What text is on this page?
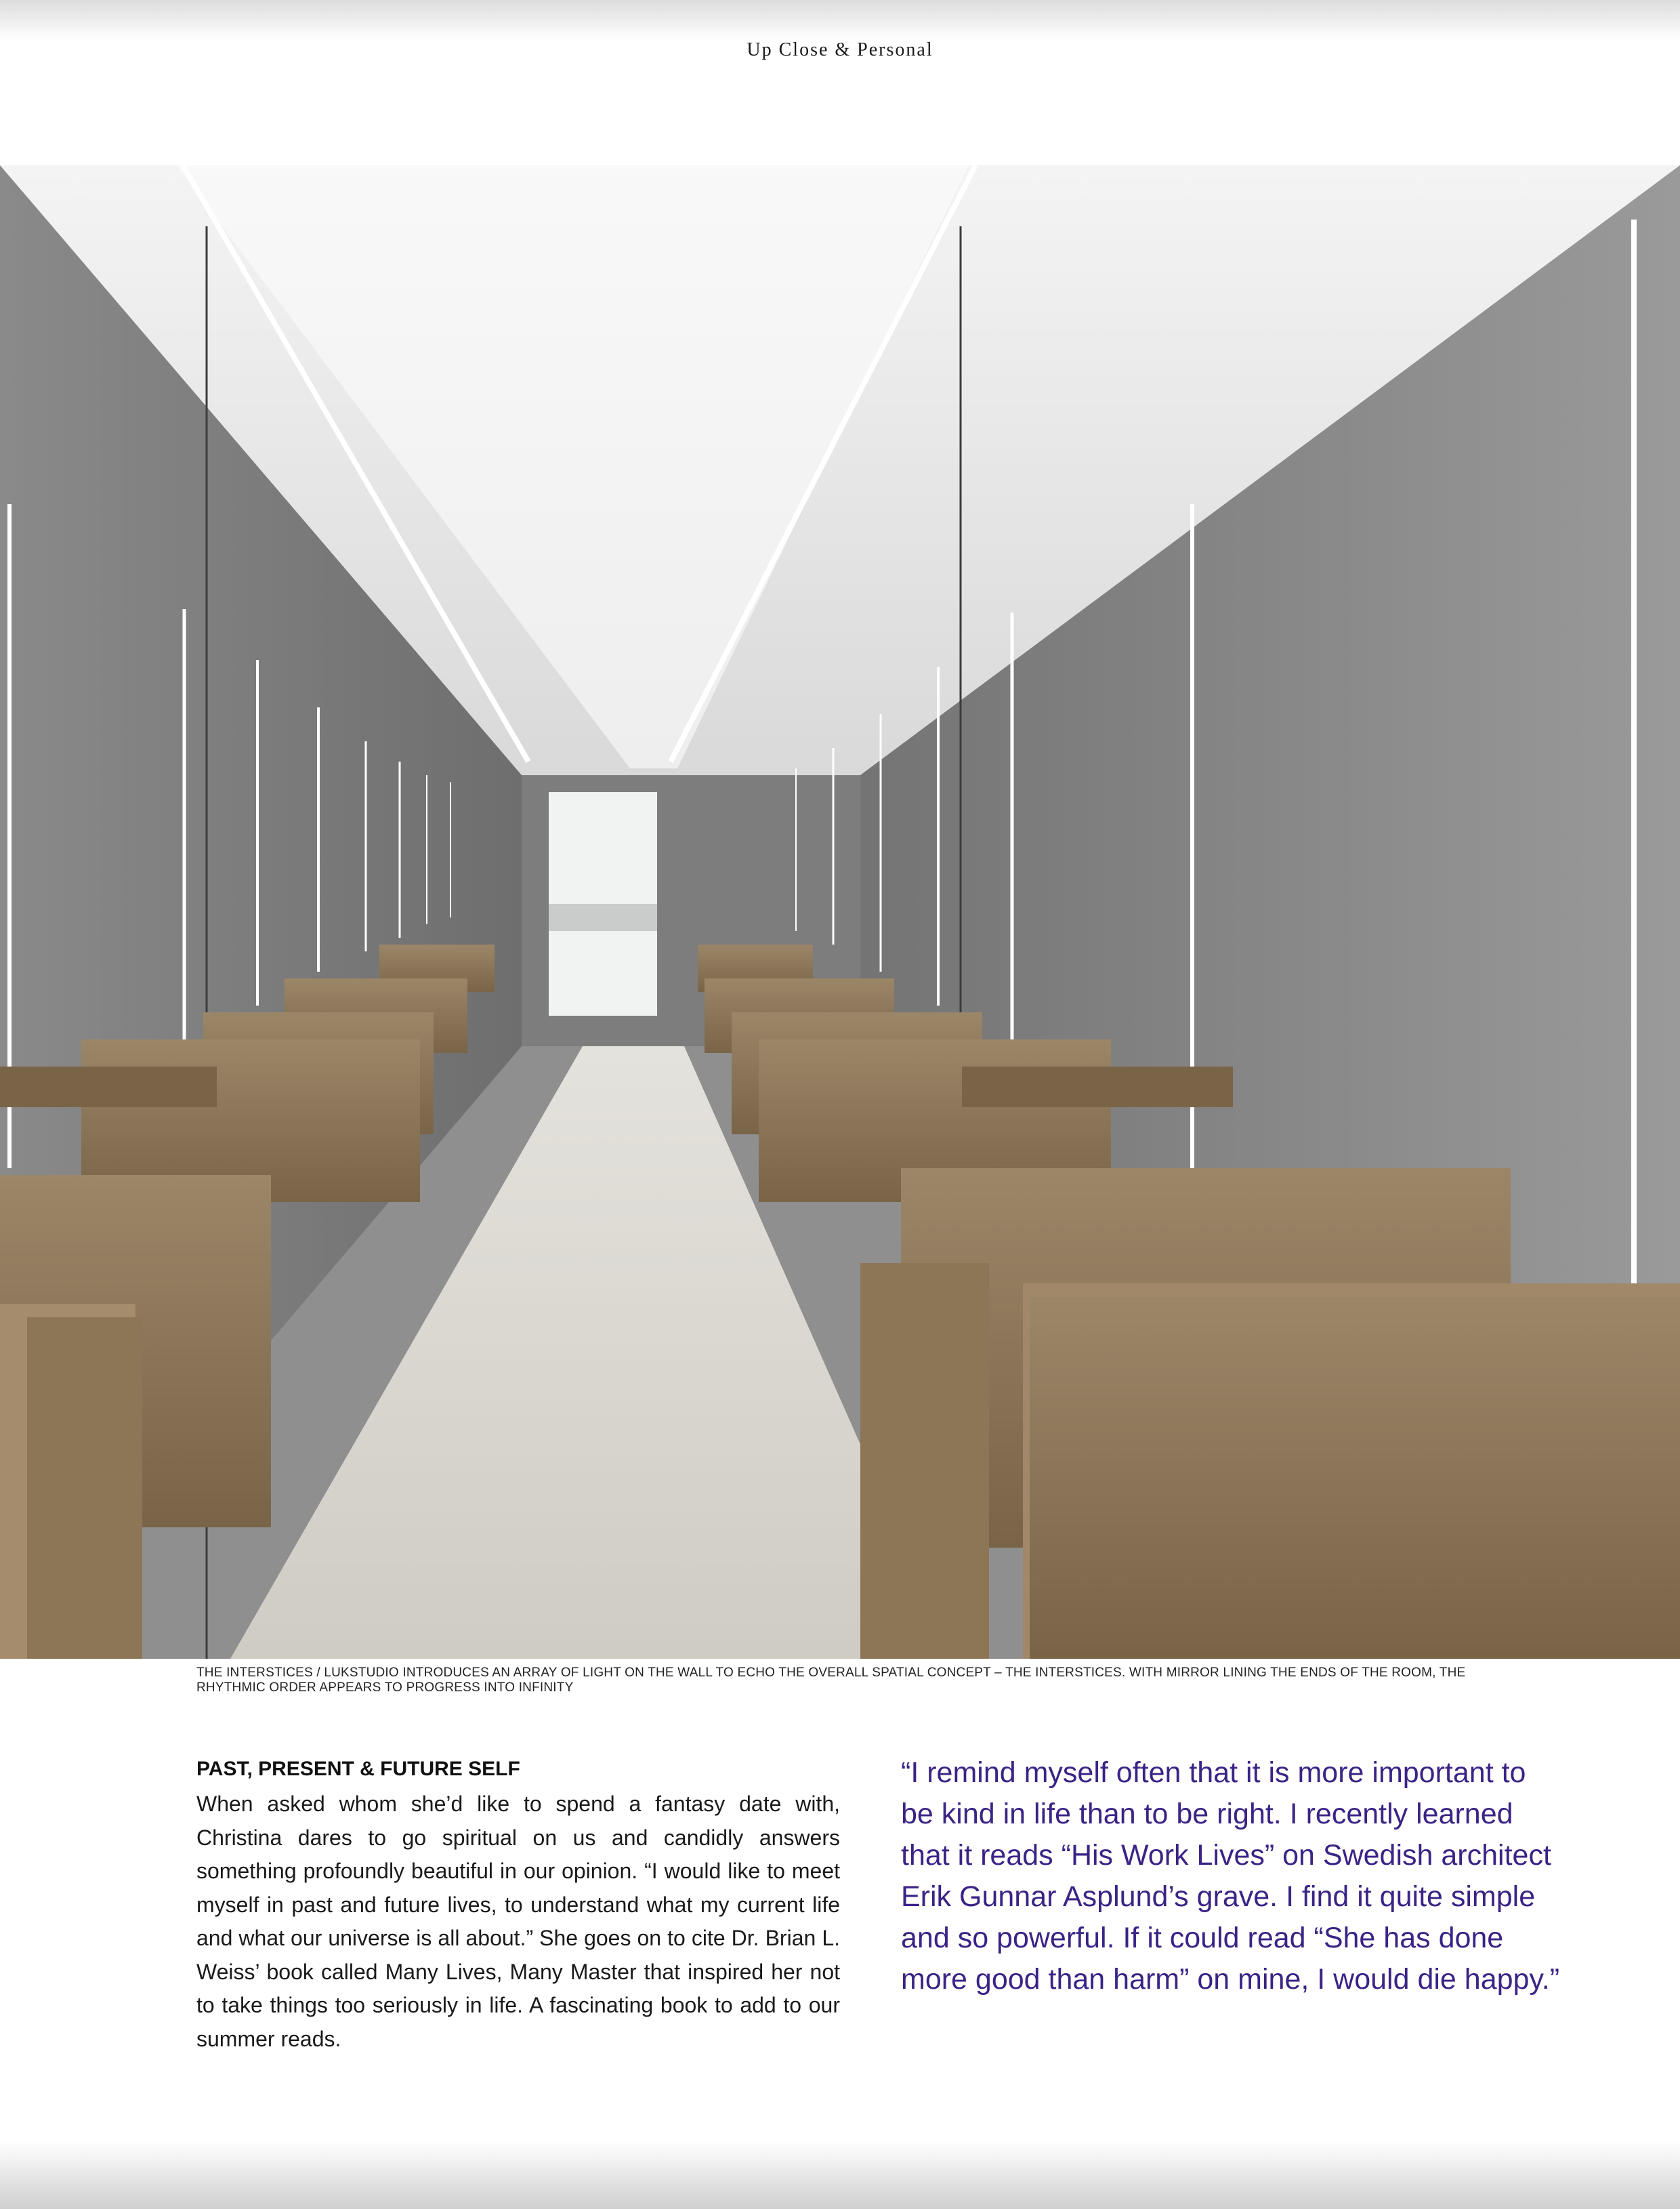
Up Close & Personal
THE INTERSTICES / LUKSTUDIO INTRODUCES AN ARRAY OF LIGHT ON THE WALL TO ECHO THE OVERALL SPATIAL CONCEPT – THE INTERSTICES. WITH MIRROR LINING THE ENDS OF THE ROOM, THE RHYTHMIC ORDER APPEARS TO PROGRESS INTO INFINITY

PAST, PRESENT & FUTURE SELF

When asked whom she’d like to spend a fantasy date with, Christina dares to go spiritual on us and candidly answers something profoundly beautiful in our opinion. “I would like to meet myself in past and future lives, to understand what my current life and what our universe is all about.” She goes on to cite Dr. Brian L. Weiss’ book called Many Lives, Many Master that inspired her not to take things too seriously in life. A fascinating book to add to our summer reads.

“I remind myself often that it is more important to be kind in life than to be right. I recently learned that it reads “His Work Lives” on Swedish architect Erik Gunnar Asplund’s grave. I find it quite simple and so powerful. If it could read “She has done more good than harm” on mine, I would die happy.”
